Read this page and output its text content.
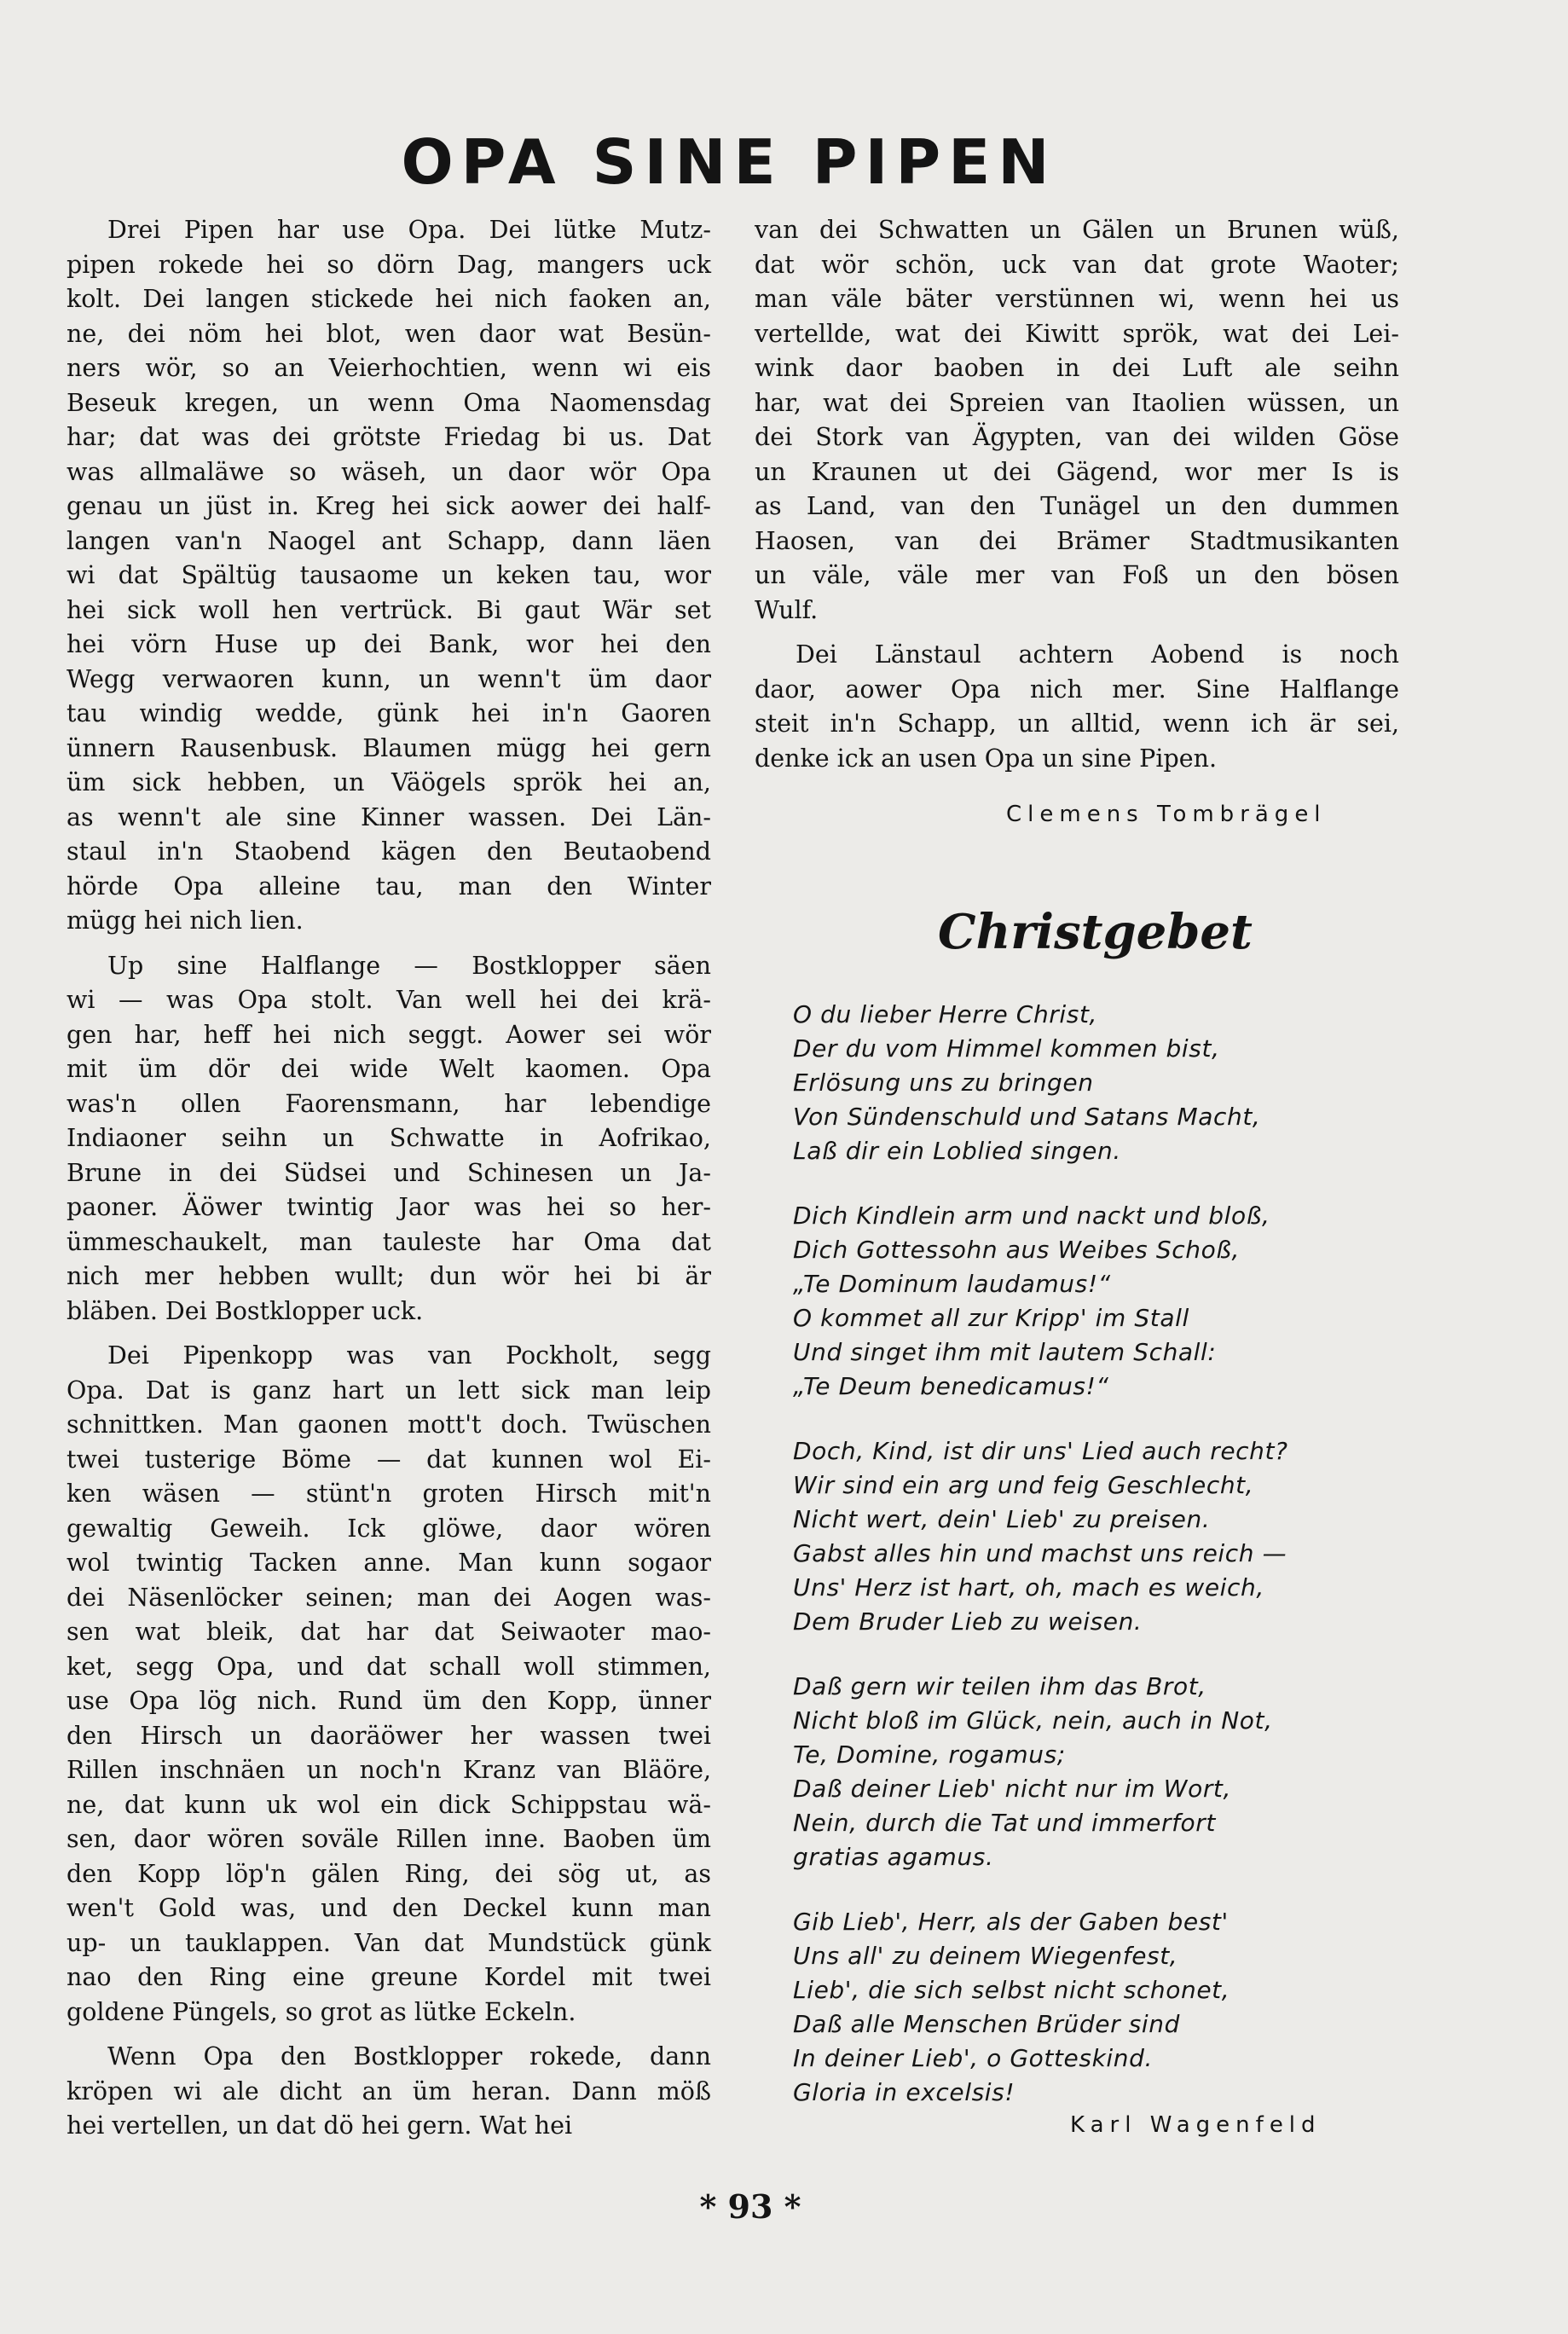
OPA SINE PIPEN

Drei Pipen har use Opa. Dei lütke Mutz-
pipen rokede hei so dörn Dag, mangers uck
kolt. Dei langen stickede hei nich faoken an,
ne, dei nöm hei blot, wen daor wat Besün-
ners wör, so an Veierhochtien, wenn wi eis
Beseuk kregen, un wenn Oma Naomensdag
har; dat was dei grötste Friedag bi us. Dat
was allmaläwe so wäseh, un daor wör Opa
genau un jüst in. Kreg hei sick aower dei half-
langen van'n Naogel ant Schapp, dann läen
wi dat Spältüg tausaome un keken tau, wor
hei sick woll hen vertrück. Bi gaut Wär set
hei vörn Huse up dei Bank, wor hei den
Wegg verwaoren kunn, un wenn't üm daor
tau windig wedde, günk hei in'n Gaoren
ünnern Rausenbusk. Blaumen mügg hei gern
üm sick hebben, un Väögels sprök hei an,
as wenn't ale sine Kinner wassen. Dei Län-
staul in'n Staobend kägen den Beutaobend
hörde Opa alleine tau, man den Winter
mügg hei nich lien.

Up sine Halflange — Bostklopper säen
wi — was Opa stolt. Van well hei dei krä-
gen har, heff hei nich seggt. Aower sei wör
mit üm dör dei wide Welt kaomen. Opa
was'n ollen Faorensmann, har lebendige
Indiaoner seihn un Schwatte in Aofrikao,
Brune in dei Südsei und Schinesen un Ja-
paoner. Äöwer twintig Jaor was hei so her-
ümmeschaukelt, man tauleste har Oma dat
nich mer hebben wullt; dun wör hei bi är
bläben. Dei Bostklopper uck.

Dei Pipenkopp was van Pockholt, segg
Opa. Dat is ganz hart un lett sick man leip
schnittken. Man gaonen mott't doch. Twüschen
twei tusterige Böme — dat kunnen wol Ei-
ken wäsen — stünt'n groten Hirsch mit'n
gewaltig Geweih. Ick glöwe, daor wören
wol twintig Tacken anne. Man kunn sogaor
dei Näsenlöcker seinen; man dei Aogen was-
sen wat bleik, dat har dat Seiwaoter mao-
ket, segg Opa, und dat schall woll stimmen,
use Opa lög nich. Rund üm den Kopp, ünner
den Hirsch un daoräöwer her wassen twei
Rillen inschnäen un noch'n Kranz van Bläöre,
ne, dat kunn uk wol ein dick Schippstau wä-
sen, daor wören soväle Rillen inne. Baoben üm
den Kopp löp'n gälen Ring, dei sög ut, as
wen't Gold was, und den Deckel kunn man
up- un tauklappen. Van dat Mundstück günk
nao den Ring eine greune Kordel mit twei
goldene Püngels, so grot as lütke Eckeln.

Wenn Opa den Bostklopper rokede, dann
kröpen wi ale dicht an üm heran. Dann möß
hei vertellen, un dat dö hei gern. Wat hei

van dei Schwatten un Gälen un Brunen wüß,
dat wör schön, uck van dat grote Waoter;
man väle bäter verstünnen wi, wenn hei us
vertellde, wat dei Kiwitt sprök, wat dei Lei-
wink daor baoben in dei Luft ale seihn
har, wat dei Spreien van Itaolien wüssen, un
dei Stork van Ägypten, van dei wilden Göse
un Kraunen ut dei Gägend, wor mer Is is
as Land, van den Tunägel un den dummen
Haosen, van dei Brämer Stadtmusikanten
un väle, väle mer van Foß un den bösen
Wulf.

Dei Länstaul achtern Aobend is noch
daor, aower Opa nich mer. Sine Halflange
steit in'n Schapp, un alltid, wenn ich är sei,
denke ick an usen Opa un sine Pipen.

Clemens Tombrägel

Christgebet
O du lieber Herre Christ,
Der du vom Himmel kommen bist,
Erlösung uns zu bringen
Von Sündenschuld und Satans Macht,
Laß dir ein Loblied singen.
Dich Kindlein arm und nackt und bloß,
Dich Gottessohn aus Weibes Schoß,
„Te Dominum laudamus!“
O kommet all zur Kripp' im Stall
Und singet ihm mit lautem Schall:
„Te Deum benedicamus!“
Doch, Kind, ist dir uns' Lied auch recht?
Wir sind ein arg und feig Geschlecht,
Nicht wert, dein' Lieb' zu preisen.
Gabst alles hin und machst uns reich —
Uns' Herz ist hart, oh, mach es weich,
Dem Bruder Lieb zu weisen.
Daß gern wir teilen ihm das Brot,
Nicht bloß im Glück, nein, auch in Not,
Te, Domine, rogamus;
Daß deiner Lieb' nicht nur im Wort,
Nein, durch die Tat und immerfort
gratias agamus.
Gib Lieb', Herr, als der Gaben best'
Uns all' zu deinem Wiegenfest,
Lieb', die sich selbst nicht schonet,
Daß alle Menschen Brüder sind
In deiner Lieb', o Gotteskind.
Gloria in excelsis!

Karl Wagenfeld

* 93 *
